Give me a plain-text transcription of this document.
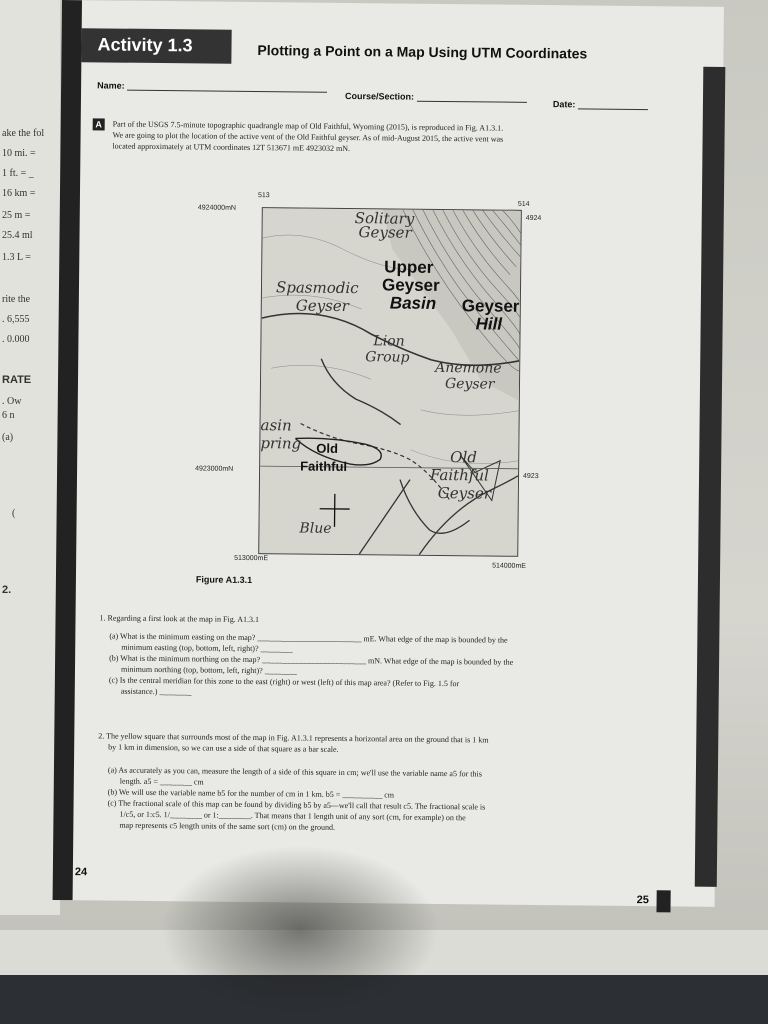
ake the fol
10 mi. =
1 ft. = _
16 km =
25 m =
25.4 ml
1.3 L =
rite the
. 6,555
. 0.000
RATE
. Ow
6 n
(a)
(
2.
Activity 1.3	Plotting a Point on a Map Using UTM Coordinates
Name:
Course/Section:
Date:
A	Part of the USGS 7.5-minute topographic quadrangle map of Old Faithful, Wyoming (2015), is reproduced in Fig. A1.3.1.
We are going to plot the location of the active vent of the Old Faithful geyser. As of mid-August 2015, the active vent was
located approximately at UTM coordinates 12T 513671 mE 4923032 mN.
513
514
4924000mN
4924
4923000mN
4923
513000mE
514000mE
Solitary
Geyser
Upper
Geyser
Basin
Spasmodic
Geyser	Geyser
Hill
Lion
Group
Anemone
Geyser
asin
pring Old
Faithful	Old
Faithful
Geyser
Blue
Figure A1.3.1
1. Regarding a first look at the map in Fig. A1.3.1
(a) What is the minimum easting on the map? __________________________ mE. What edge of the map is bounded by the
minimum easting (top, bottom, left, right)? ________
(b) What is the minimum northing on the map? __________________________ mN. What edge of the map is bounded by the
minimum northing (top, bottom, left, right)? ________
(c) Is the central meridian for this zone to the east (right) or west (left) of this map area? (Refer to Fig. 1.5 for
assistance.) ________
2. The yellow square that surrounds most of the map in Fig. A1.3.1 represents a horizontal area on the ground that is 1 km
by 1 km in dimension, so we can use a side of that square as a bar scale.
(a) As accurately as you can, measure the length of a side of this square in cm; we'll use the variable name a5 for this
length. a5 = ________ cm
(b) We will use the variable name b5 for the number of cm in 1 km. b5 = __________ cm
(c) The fractional scale of this map can be found by dividing b5 by a5—we'll call that result c5. The fractional scale is
1/c5, or 1:c5. 1/________ or 1:________. That means that 1 length unit of any sort (cm, for example) on the
map represents c5 length units of the same sort (cm) on the ground.
24
25
